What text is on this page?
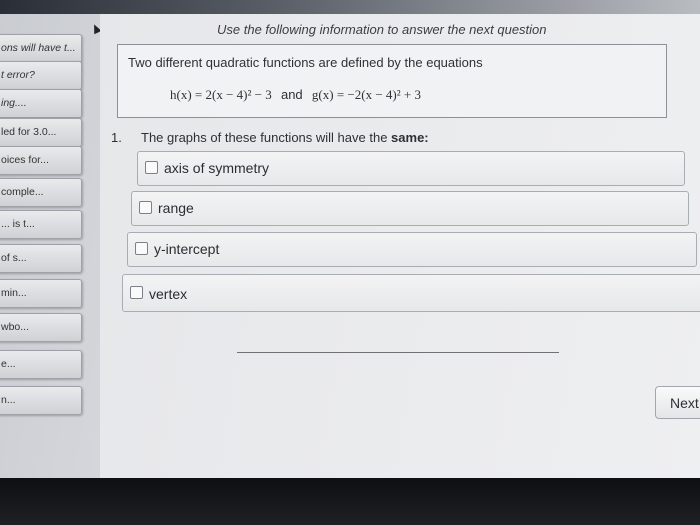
ons will have t...
t error?
ing....
led for 3.0...
oices for...
comple...
... is t...
of s...
min...
wbo...
e...
n...
Use the following information to answer the next question
Two different quadratic functions are defined by the equations
h(x) = 2(x − 4)² − 3 and g(x) = −2(x − 4)² + 3
1. The graphs of these functions will have the same:
axis of symmetry
range
y-intercept
vertex
Next
